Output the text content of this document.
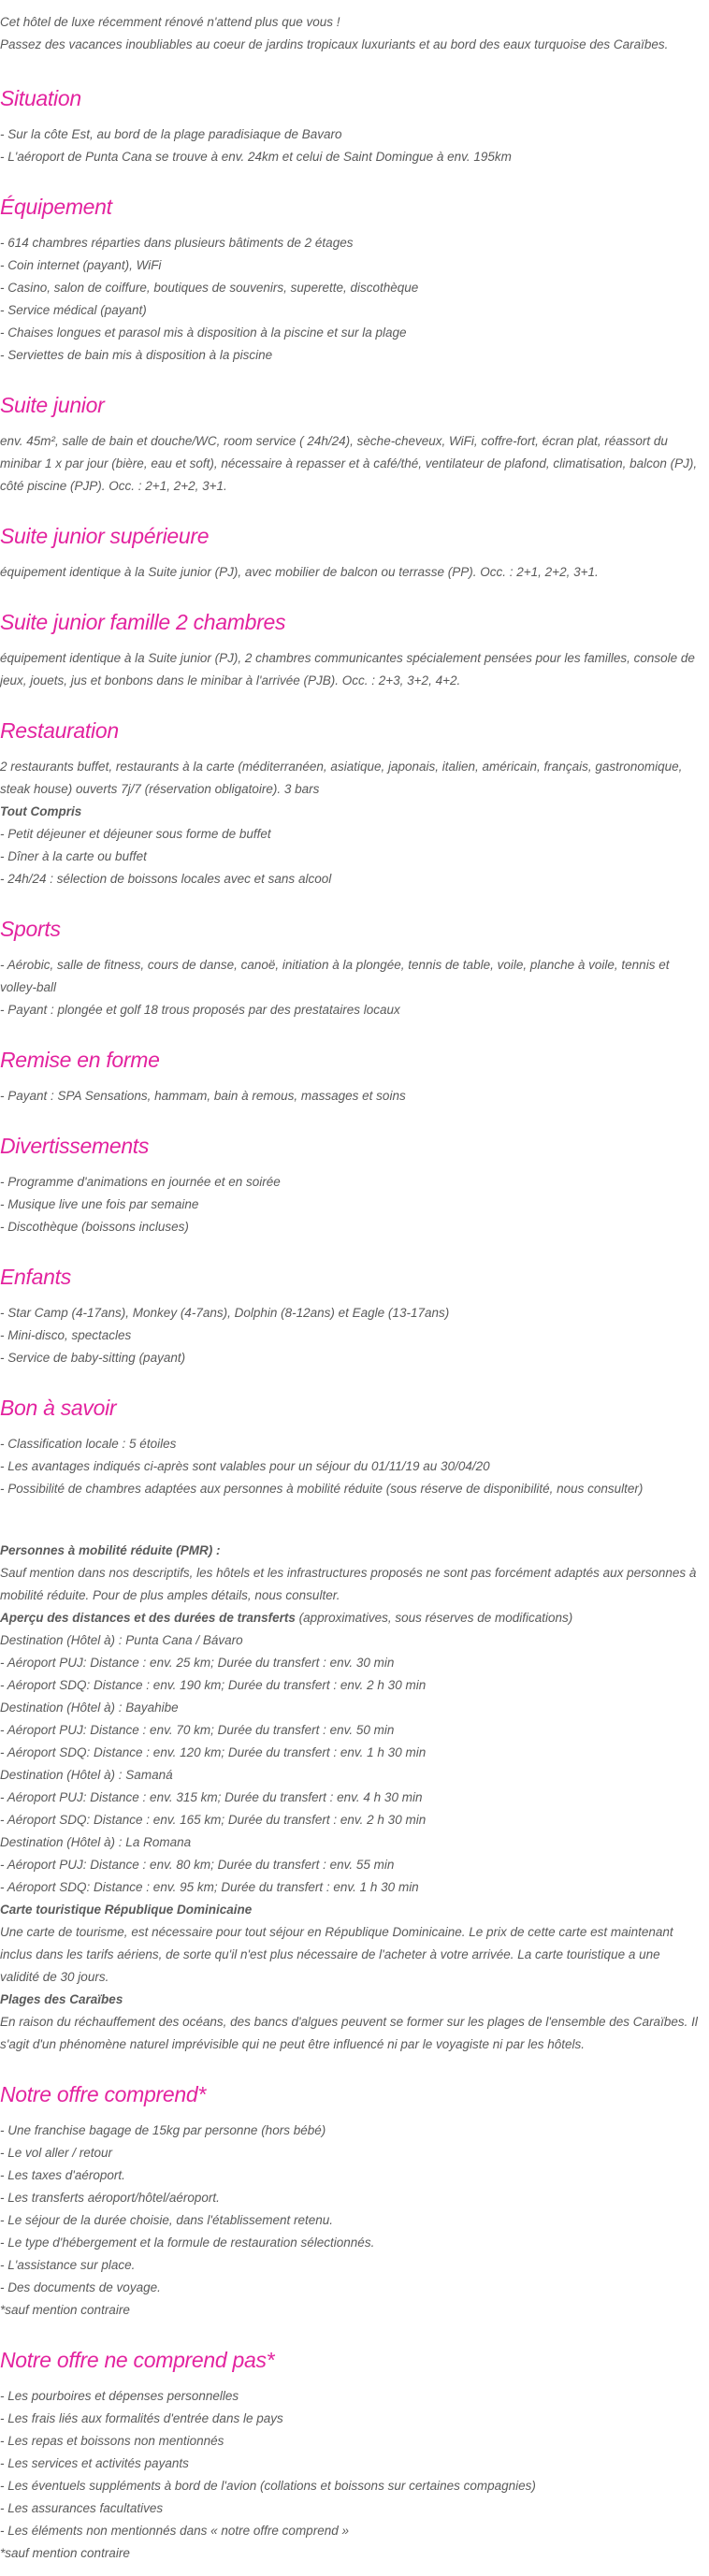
Cet hôtel de luxe récemment rénové n'attend plus que vous !

Passez des vacances inoubliables au coeur de jardins tropicaux luxuriants et au bord des eaux turquoise des Caraïbes.

Situation
- Sur la côte Est, au bord de la plage paradisiaque de Bavaro
- L'aéroport de Punta Cana se trouve à env. 24km et celui de Saint Domingue à env. 195km
Équipement
- 614 chambres réparties dans plusieurs bâtiments de 2 étages
- Coin internet (payant), WiFi
- Casino, salon de coiffure, boutiques de souvenirs, superette, discothèque
- Service médical (payant)
- Chaises longues et parasol mis à disposition à la piscine et sur la plage
- Serviettes de bain mis à disposition à la piscine
Suite junior
env. 45m², salle de bain et douche/WC, room service ( 24h/24), sèche-cheveux, WiFi, coffre-fort, écran plat, réassort du minibar 1 x par jour (bière, eau et soft), nécessaire à repasser et à café/thé, ventilateur de plafond, climatisation, balcon (PJ), côté piscine (PJP). Occ. : 2+1, 2+2, 3+1.
Suite junior supérieure
équipement identique à la Suite junior (PJ), avec mobilier de balcon ou terrasse (PP). Occ. : 2+1, 2+2, 3+1.
Suite junior famille 2 chambres
équipement identique à la Suite junior (PJ), 2 chambres communicantes spécialement pensées pour les familles, console de jeux, jouets, jus et bonbons dans le minibar à l'arrivée (PJB). Occ. : 2+3, 3+2, 4+2.
Restauration
2 restaurants buffet, restaurants à la carte (méditerranéen, asiatique, japonais, italien, américain, français, gastronomique, steak house) ouverts 7j/7 (réservation obligatoire). 3 bars
Tout Compris
- Petit déjeuner et déjeuner sous forme de buffet
- Dîner à la carte ou buffet
- 24h/24 : sélection de boissons locales avec et sans alcool
Sports
- Aérobic, salle de fitness, cours de danse, canoë, initiation à la plongée, tennis de table, voile, planche à voile, tennis et volley-ball
- Payant : plongée et golf 18 trous proposés par des prestataires locaux
Remise en forme
- Payant : SPA Sensations, hammam, bain à remous, massages et soins
Divertissements
- Programme d'animations en journée et en soirée
- Musique live une fois par semaine
- Discothèque (boissons incluses)
Enfants
- Star Camp (4-17ans), Monkey (4-7ans), Dolphin (8-12ans) et Eagle (13-17ans)
- Mini-disco, spectacles
- Service de baby-sitting (payant)
Bon à savoir
- Classification locale : 5 étoiles
- Les avantages indiqués ci-après sont valables pour un séjour du 01/11/19 au 30/04/20
- Possibilité de chambres adaptées aux personnes à mobilité réduite (sous réserve de disponibilité, nous consulter)
Personnes à mobilité réduite (PMR) :
Sauf mention dans nos descriptifs, les hôtels et les infrastructures proposés ne sont pas forcément adaptés aux personnes à mobilité réduite. Pour de plus amples détails, nous consulter.
Aperçu des distances et des durées de transferts (approximatives, sous réserves de modifications)
Destination (Hôtel à) : Punta Cana / Bávaro
- Aéroport PUJ: Distance : env. 25 km; Durée du transfert : env. 30 min
- Aéroport SDQ: Distance : env. 190 km; Durée du transfert : env. 2 h 30 min
Destination (Hôtel à) : Bayahibe
- Aéroport PUJ: Distance : env. 70 km; Durée du transfert : env. 50 min
- Aéroport SDQ: Distance : env. 120 km; Durée du transfert : env. 1 h 30 min
Destination (Hôtel à) : Samaná
- Aéroport PUJ: Distance : env. 315 km; Durée du transfert : env. 4 h 30 min
- Aéroport SDQ: Distance : env. 165 km; Durée du transfert : env. 2 h 30 min
Destination (Hôtel à) : La Romana
- Aéroport PUJ: Distance : env. 80 km; Durée du transfert : env. 55 min
- Aéroport SDQ: Distance : env. 95 km; Durée du transfert : env. 1 h 30 min
Carte touristique République Dominicaine
Une carte de tourisme, est nécessaire pour tout séjour en République Dominicaine. Le prix de cette carte est maintenant inclus dans les tarifs aériens, de sorte qu'il n'est plus nécessaire de l'acheter à votre arrivée. La carte touristique a une validité de 30 jours.
Plages des Caraïbes
En raison du réchauffement des océans, des bancs d'algues peuvent se former sur les plages de l'ensemble des Caraïbes. Il s'agit d'un phénomène naturel imprévisible qui ne peut être influencé ni par le voyagiste ni par les hôtels.
Notre offre comprend*
- Une franchise bagage de 15kg par personne (hors bébé)
- Le vol aller / retour
- Les taxes d'aéroport.
- Les transferts aéroport/hôtel/aéroport.
- Le séjour de la durée choisie, dans l'établissement retenu.
- Le type d'hébergement et la formule de restauration sélectionnés.
- L'assistance sur place.
- Des documents de voyage.
*sauf mention contraire
Notre offre ne comprend pas*
- Les pourboires et dépenses personnelles
- Les frais liés aux formalités d'entrée dans le pays
- Les repas et boissons non mentionnés
- Les services et activités payants
- Les éventuels suppléments à bord de l'avion (collations et boissons sur certaines compagnies)
- Les assurances facultatives
- Les éléments non mentionnés dans « notre offre comprend »
*sauf mention contraire
